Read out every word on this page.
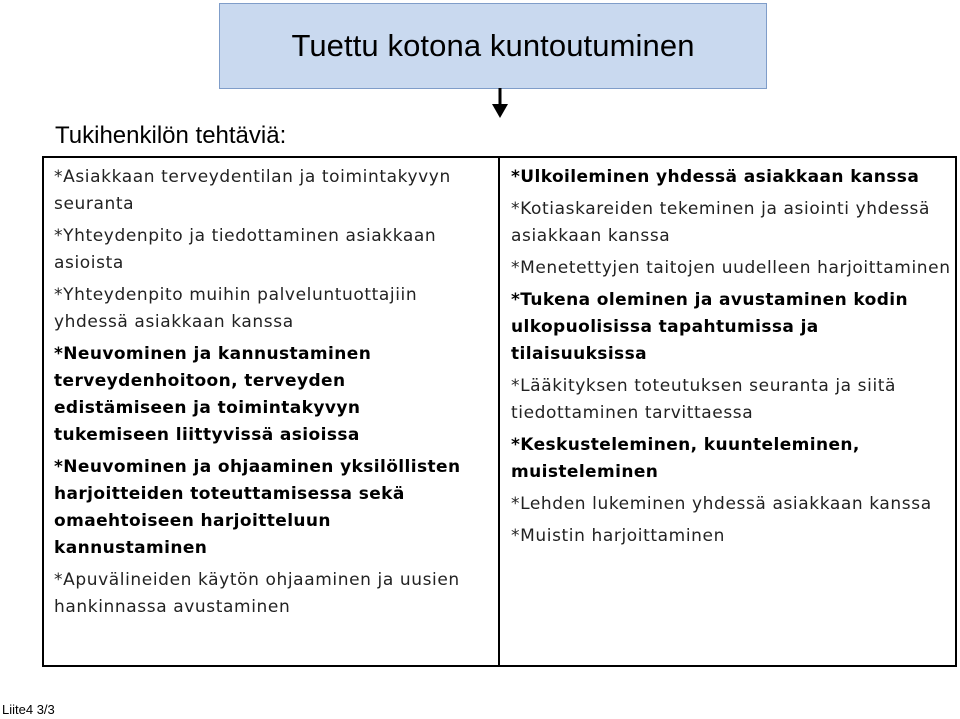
Tuettu kotona kuntoutuminen
Tukihenkilön tehtäviä:
*Asiakkaan terveydentilan ja toimintakyvyn seuranta
*Yhteydenpito ja tiedottaminen asiakkaan asioista
*Yhteydenpito muihin palveluntuottajiin yhdessä asiakkaan kanssa
*Neuvominen ja kannustaminen terveydenhoitoon, terveyden edistämiseen ja toimintakyvyn tukemiseen liittyvissä asioissa
*Neuvominen ja ohjaaminen yksilöllisten harjoitteiden toteuttamisessa sekä omaehtoiseen harjoitteluun kannustaminen
*Apuvälineiden käytön ohjaaminen ja uusien hankinnassa avustaminen
*Ulkoileminen yhdessä asiakkaan kanssa
*Kotiaskareiden tekeminen ja asiointi yhdessä asiakkaan kanssa
*Menetettyjen taitojen uudelleen harjoittaminen
*Tukena oleminen ja avustaminen kodin ulkopuolisissa tapahtumissa ja tilaisuuksissa
*Lääkityksen toteutuksen seuranta ja siitä tiedottaminen tarvittaessa
*Keskusteleminen, kuunteleminen, muisteleminen
*Lehden lukeminen yhdessä asiakkaan kanssa
*Muistin harjoittaminen
Liite4 3/3
